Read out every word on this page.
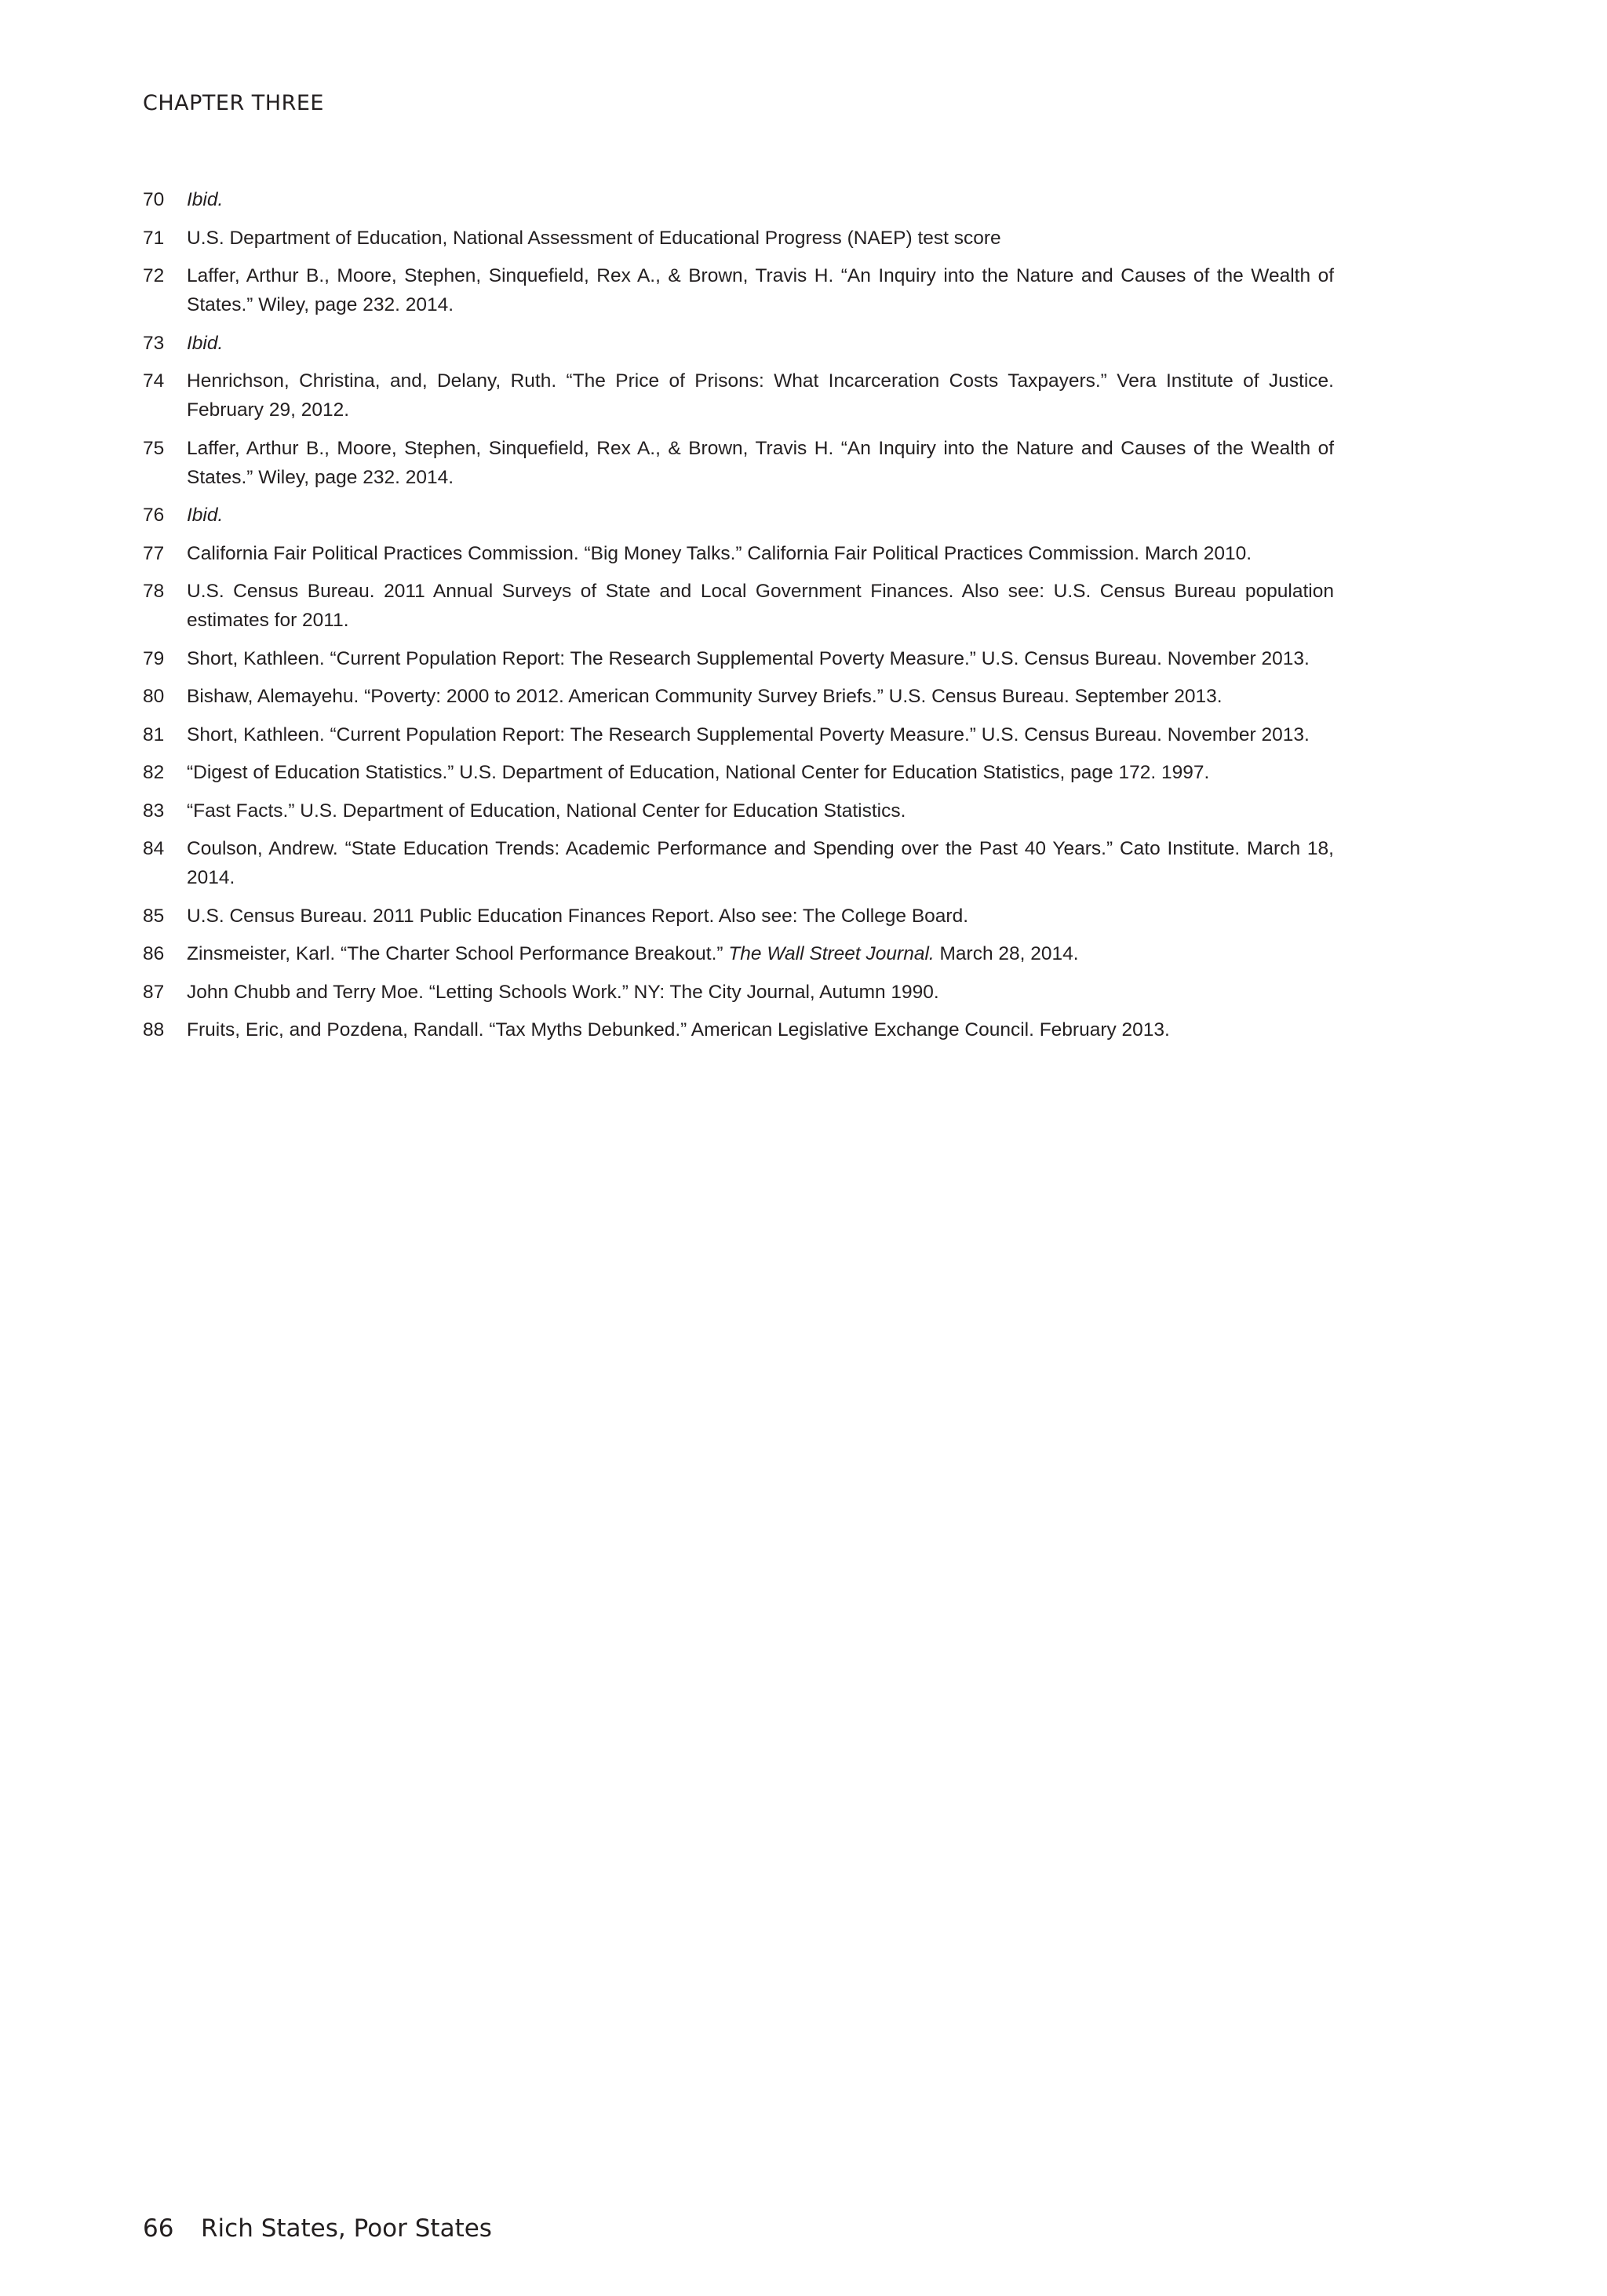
CHAPTER THREE
70	Ibid.
71	U.S. Department of Education, National Assessment of Educational Progress (NAEP) test score
72	Laffer, Arthur B., Moore, Stephen, Sinquefield, Rex A., & Brown, Travis H. “An Inquiry into the Nature and Causes of the Wealth of States.” Wiley, page 232. 2014.
73	Ibid.
74	Henrichson, Christina, and, Delany, Ruth. “The Price of Prisons: What Incarceration Costs Taxpayers.” Vera Institute of Justice. February 29, 2012.
75	Laffer, Arthur B., Moore, Stephen, Sinquefield, Rex A., & Brown, Travis H. “An Inquiry into the Nature and Causes of the Wealth of States.” Wiley, page 232. 2014.
76	Ibid.
77	California Fair Political Practices Commission. “Big Money Talks.” California Fair Political Practices Commission. March 2010.
78	U.S. Census Bureau. 2011 Annual Surveys of State and Local Government Finances. Also see: U.S. Census Bureau population estimates for 2011.
79	Short, Kathleen. “Current Population Report: The Research Supplemental Poverty Measure.” U.S. Census Bureau. November 2013.
80	Bishaw, Alemayehu. “Poverty: 2000 to 2012. American Community Survey Briefs.” U.S. Census Bureau. September 2013.
81	Short, Kathleen. “Current Population Report: The Research Supplemental Poverty Measure.” U.S. Census Bureau. November 2013.
82	“Digest of Education Statistics.” U.S. Department of Education, National Center for Education Statistics, page 172. 1997.
83	“Fast Facts.” U.S. Department of Education, National Center for Education Statistics.
84	Coulson, Andrew. “State Education Trends: Academic Performance and Spending over the Past 40 Years.” Cato Institute. March 18, 2014.
85	U.S. Census Bureau. 2011 Public Education Finances Report. Also see: The College Board.
86	Zinsmeister, Karl. “The Charter School Performance Breakout.” The Wall Street Journal. March 28, 2014.
87	John Chubb and Terry Moe. “Letting Schools Work.” NY: The City Journal, Autumn 1990.
88	Fruits, Eric, and Pozdena, Randall. “Tax Myths Debunked.” American Legislative Exchange Council. February 2013.
66 Rich States, Poor States
